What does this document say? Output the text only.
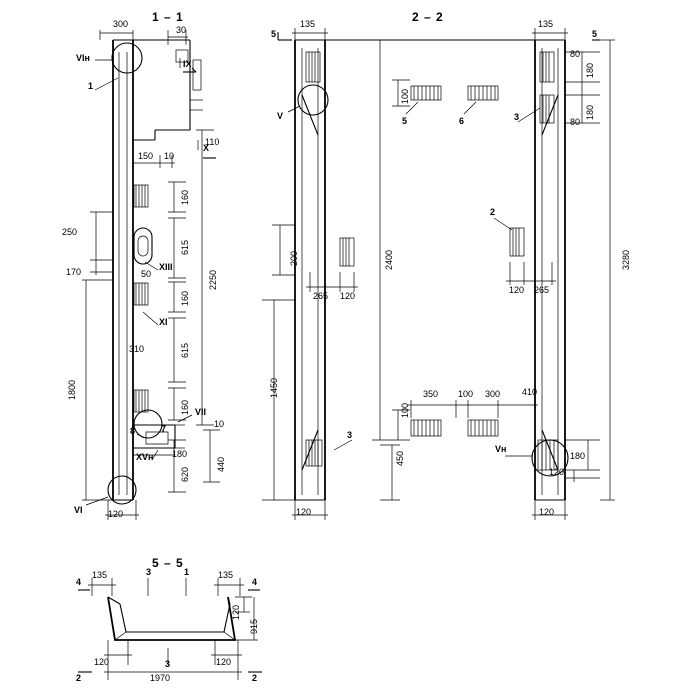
1 – 1	2 – 2
5 – 5
300
30
150 10
110
160
250
615
2250
170	50
160
310	615
1800
160
10
440
180
620
120
VIн
1
IX
X
XIII
XI
VII
8	7
XVн
VI
135
5
135
5
80
180
100
180
80
200	2400	3280
265 120
120 265
1450	350 100 300 410
100
450	180
120
120	120
V	5	6	3
2
3
Vн
135	135
4	4
3	1
120
915
120	120
3
1970
2	2
